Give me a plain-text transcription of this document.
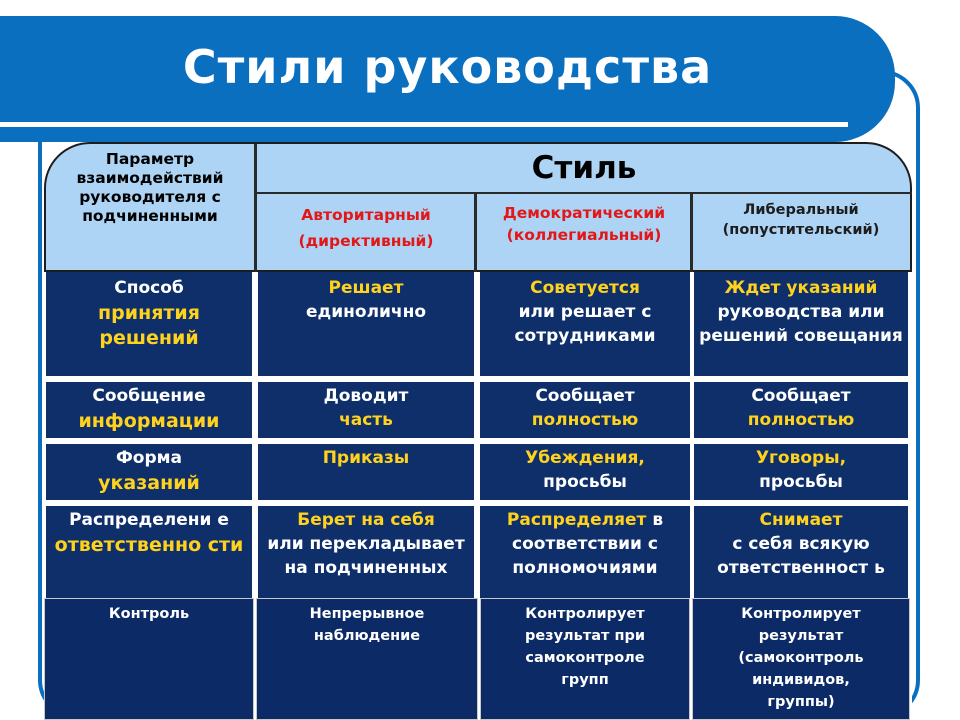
Стили руководства
Параметр взаимодействий руководителя с подчиненными
Стиль
Авторитарный
(директивный)
Демократический
(коллегиальный)
Либеральный
(попустительский)
Способ
принятия решений
Решает
единолично
Советуется
или решает с сотрудниками
Ждет указаний
руководства или решений совещания
Сообщение
информации
Доводит
часть
Сообщает
полностью
Сообщает
полностью
Форма
указаний
Приказы	Убеждения,
просьбы
Уговоры,
просьбы
Распределени е
ответственно сти
Берет на себя
или перекладывает на подчиненных
Распределяет в соответствии с полномочиями
Снимает
с себя всякую ответственност ь
Контроль	Непрерывное наблюдение
Контролирует результат при самоконтроле групп
Контролирует результат (самоконтроль индивидов, группы)
